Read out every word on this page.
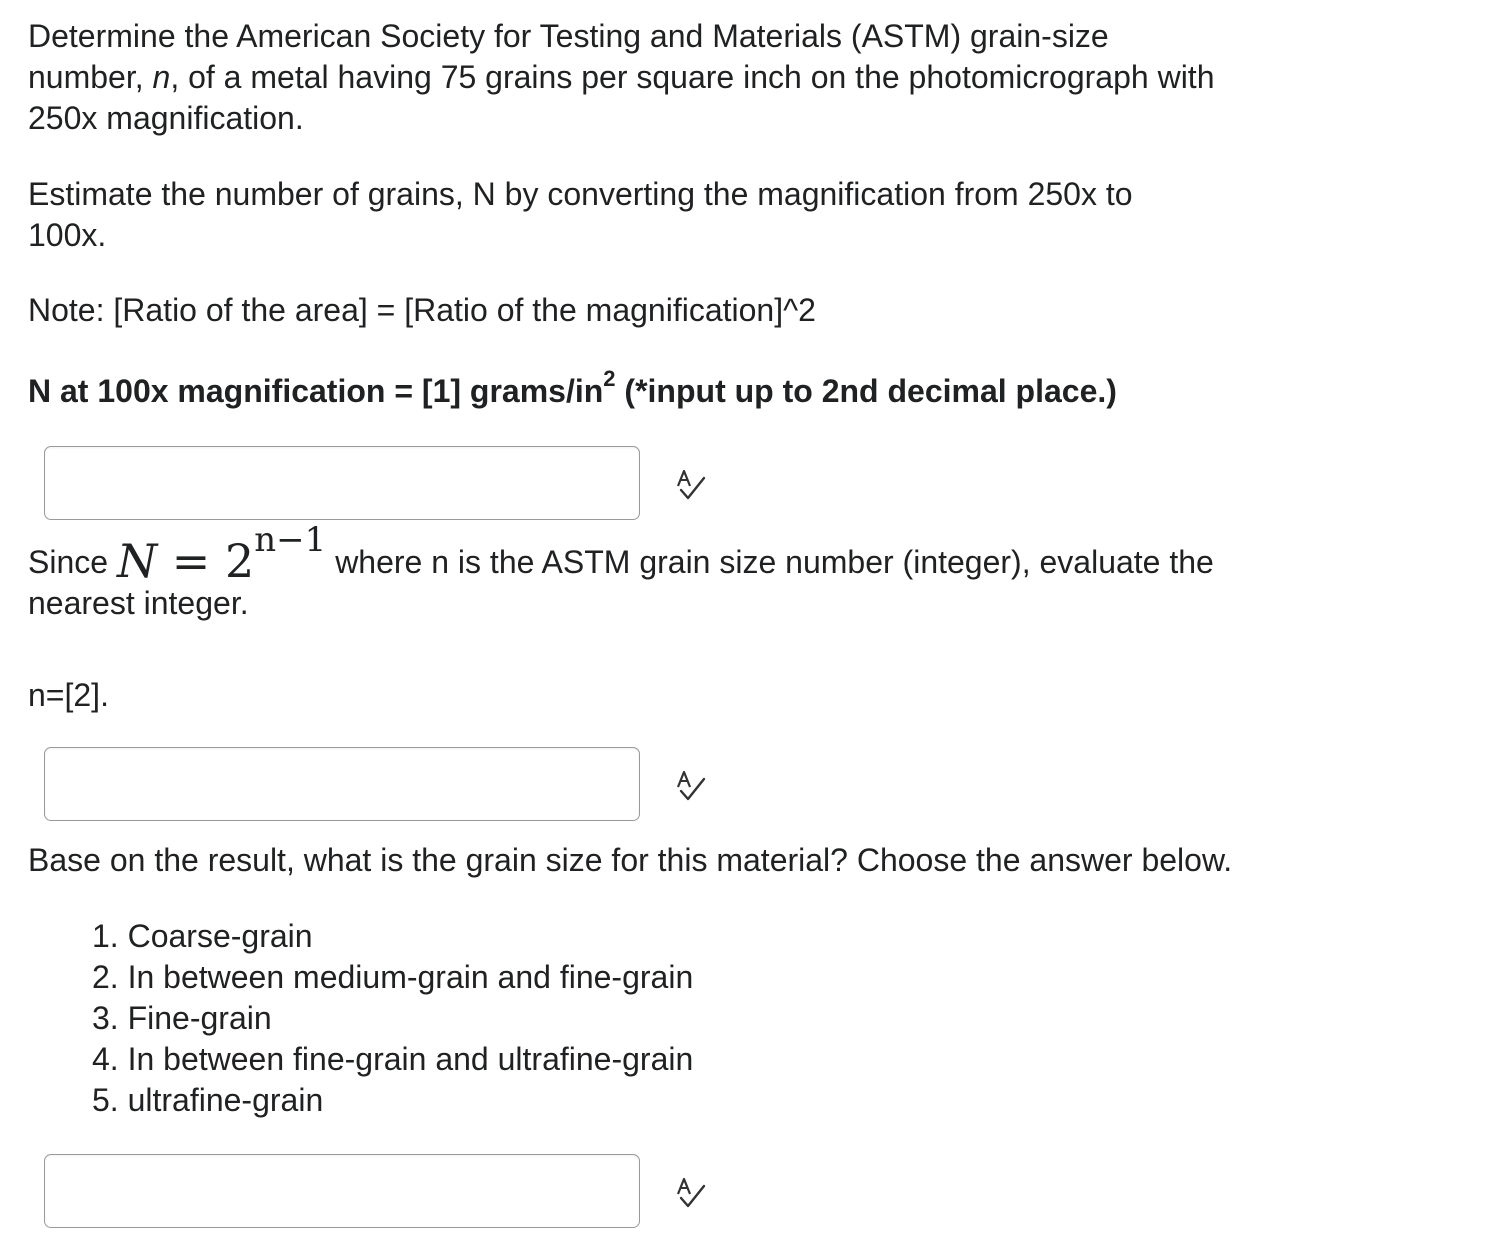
Determine the American Society for Testing and Materials (ASTM) grain-size

number, n, of a metal having 75 grains per square inch on the photomicrograph with

250x magnification.

Estimate the number of grains, N by converting the magnification from 250x to

100x.

Note: [Ratio of the area] = [Ratio of the magnification]^2

N at 100x magnification = [1] grams/$in^2$ (*input up to 2nd decimal place.)

Since $N = 2^{n-1}$ where n is the ASTM grain size number (integer), evaluate the

nearest integer.

n=[2].

Base on the result, what is the grain size for this material? Choose the answer below.

1. Coarse-grain
2. In between medium-grain and fine-grain
3. Fine-grain
4. In between fine-grain and ultrafine-grain
5. ultrafine-grain
